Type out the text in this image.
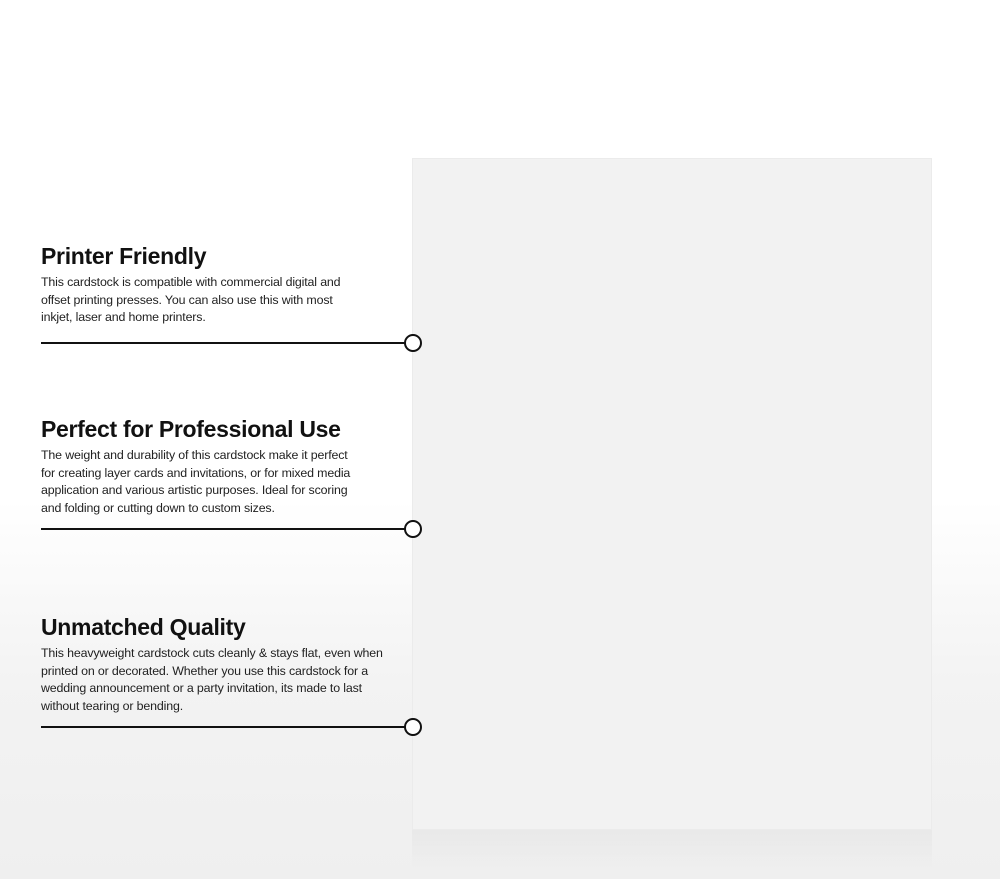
Printer Friendly

This cardstock is compatible with commercial digital and offset printing presses. You can also use this with most inkjet, laser and home printers.

Perfect for Professional Use

The weight and durability of this cardstock make it perfect for creating layer cards and invitations, or for mixed media application and various artistic purposes. Ideal for scoring and folding or cutting down to custom sizes.

Unmatched Quality

This heavyweight cardstock cuts cleanly & stays flat, even when printed on or decorated. Whether you use this cardstock for a wedding announcement or a party invitation, its made to last without tearing or bending.
